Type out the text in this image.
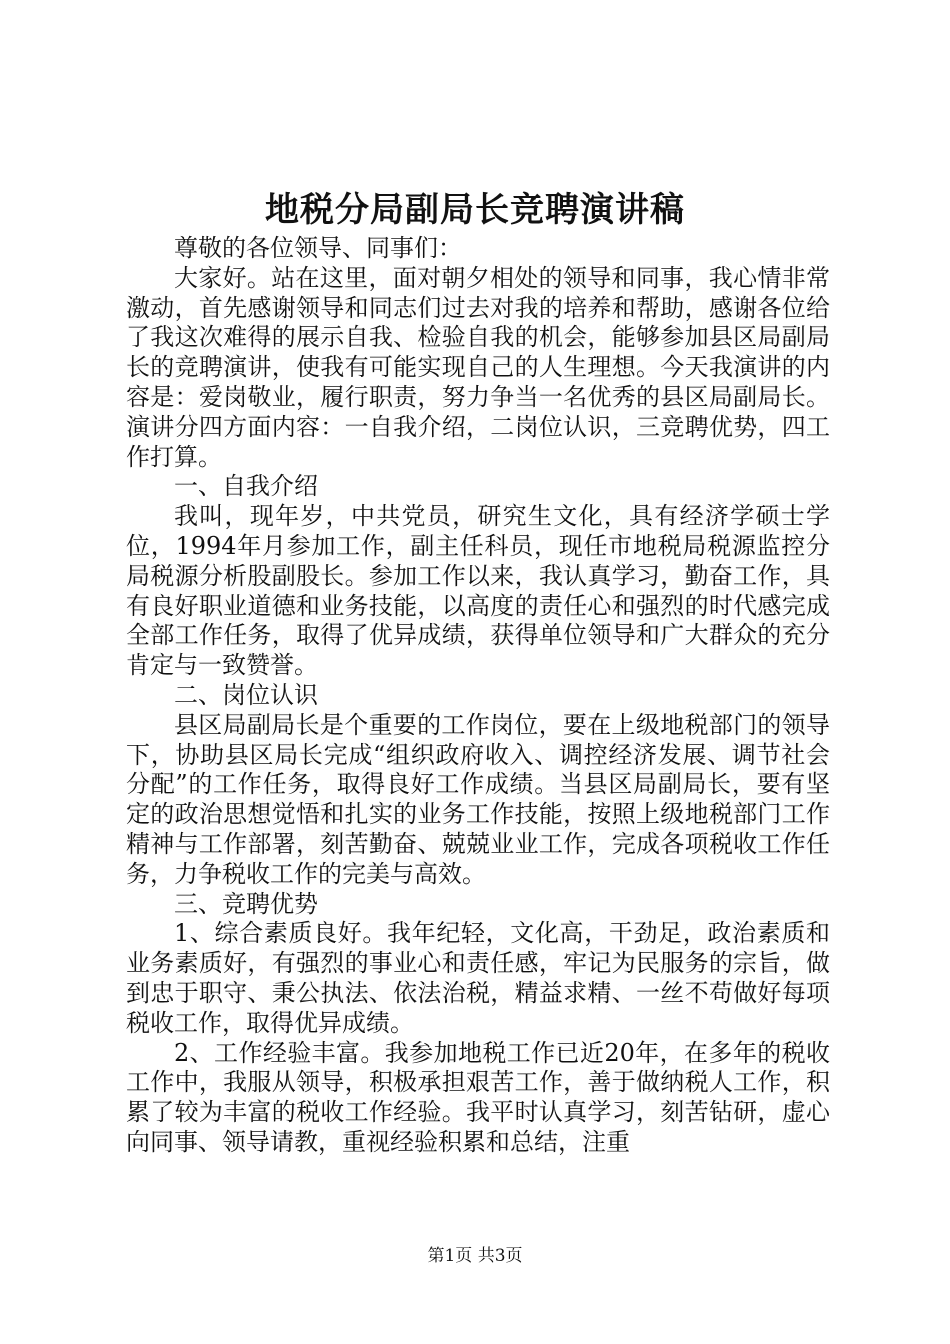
地税分局副局长竞聘演讲稿

尊敬的各位领导、同事们：

大家好。站在这里，面对朝夕相处的领导和同事，我心情非常激动，首先感谢领导和同志们过去对我的培养和帮助，感谢各位给了我这次难得的展示自我、检验自我的机会，能够参加县区局副局长的竞聘演讲，使我有可能实现自己的人生理想。今天我演讲的内容是：爱岗敬业，履行职责，努力争当一名优秀的县区局副局长。演讲分四方面内容：一自我介绍，二岗位认识，三竞聘优势，四工作打算。

一、自我介绍

我叫，现年岁，中共党员，研究生文化，具有经济学硕士学位，1994年月参加工作，副主任科员，现任市地税局税源监控分局税源分析股副股长。参加工作以来，我认真学习，勤奋工作，具有良好职业道德和业务技能，以高度的责任心和强烈的时代感完成全部工作任务，取得了优异成绩，获得单位领导和广大群众的充分肯定与一致赞誉。

二、岗位认识

县区局副局长是个重要的工作岗位，要在上级地税部门的领导下，协助县区局长完成“组织政府收入、调控经济发展、调节社会分配”的工作任务，取得良好工作成绩。当县区局副局长，要有坚定的政治思想觉悟和扎实的业务工作技能，按照上级地税部门工作精神与工作部署，刻苦勤奋、兢兢业业工作，完成各项税收工作任务，力争税收工作的完美与高效。

三、竞聘优势

1、综合素质良好。我年纪轻，文化高，干劲足，政治素质和业务素质好，有强烈的事业心和责任感，牢记为民服务的宗旨，做到忠于职守、秉公执法、依法治税，精益求精、一丝不苟做好每项税收工作，取得优异成绩。

2、工作经验丰富。我参加地税工作已近20年，在多年的税收工作中，我服从领导，积极承担艰苦工作，善于做纳税人工作，积累了较为丰富的税收工作经验。我平时认真学习，刻苦钻研，虚心向同事、领导请教，重视经验积累和总结，注重

第1页 共3页
